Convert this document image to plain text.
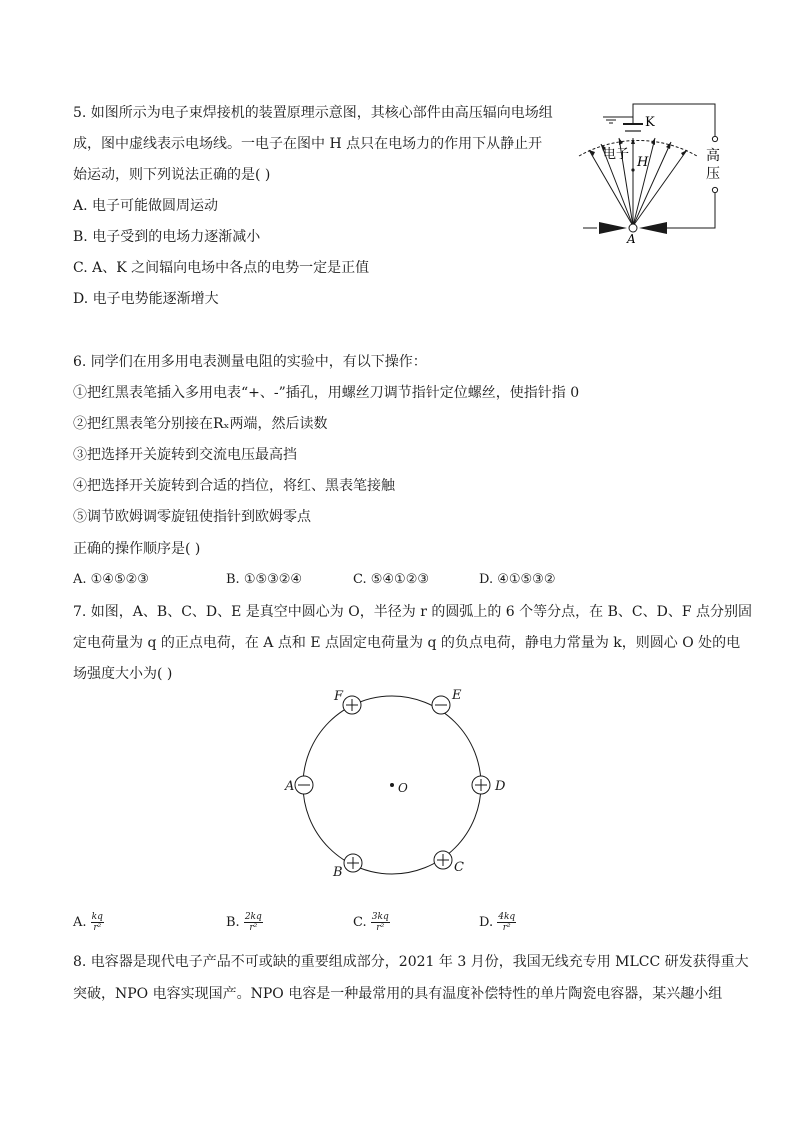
5. 如图所示为电子束焊接机的装置原理示意图，其核心部件由高压辐向电场组
成，图中虚线表示电场线。一电子在图中 H 点只在电场力的作用下从静止开
始运动，则下列说法正确的是( )
A. 电子可能做圆周运动
B. 电子受到的电场力逐渐减小
C. A、K 之间辐向电场中各点的电势一定是正值
D. 电子电势能逐渐增大
K
电子
H	高
压
A
6. 同学们在用多用电表测量电阻的实验中，有以下操作：
①把红黑表笔插入多用电表“+、-”插孔，用螺丝刀调节指针定位螺丝，使指针指 0
②把红黑表笔分别接在Rₓ两端，然后读数
③把选择开关旋转到交流电压最高挡
④把选择开关旋转到合适的挡位，将红、黑表笔接触
⑤调节欧姆调零旋钮使指针到欧姆零点
正确的操作顺序是( )
A. ①④⑤②③	B. ①⑤③②④	C. ⑤④①②③	D. ④①⑤③②
7. 如图，A、B、C、D、E 是真空中圆心为 O，半径为 r 的圆弧上的 6 个等分点，在 B、C、D、F 点分别固
定电荷量为 q 的正点电荷，在 A 点和 E 点固定电荷量为 q 的负点电荷，静电力常量为 k，则圆心 O 处的电
场强度大小为( )
F	E
A	D
B	C
O
A. $\frac{kq}{\text{r²}}$	B. $\frac{2kq}{\text{r²}}$	C. $\frac{3kq}{\text{r²}}$	D. $\frac{4kq}{\text{r²}}$
8. 电容器是现代电子产品不可或缺的重要组成部分，2021 年 3 月份，我国无线充专用 MLCC 研发获得重大
突破，NPO 电容实现国产。NPO 电容是一种最常用的具有温度补偿特性的单片陶瓷电容器，某兴趣小组
